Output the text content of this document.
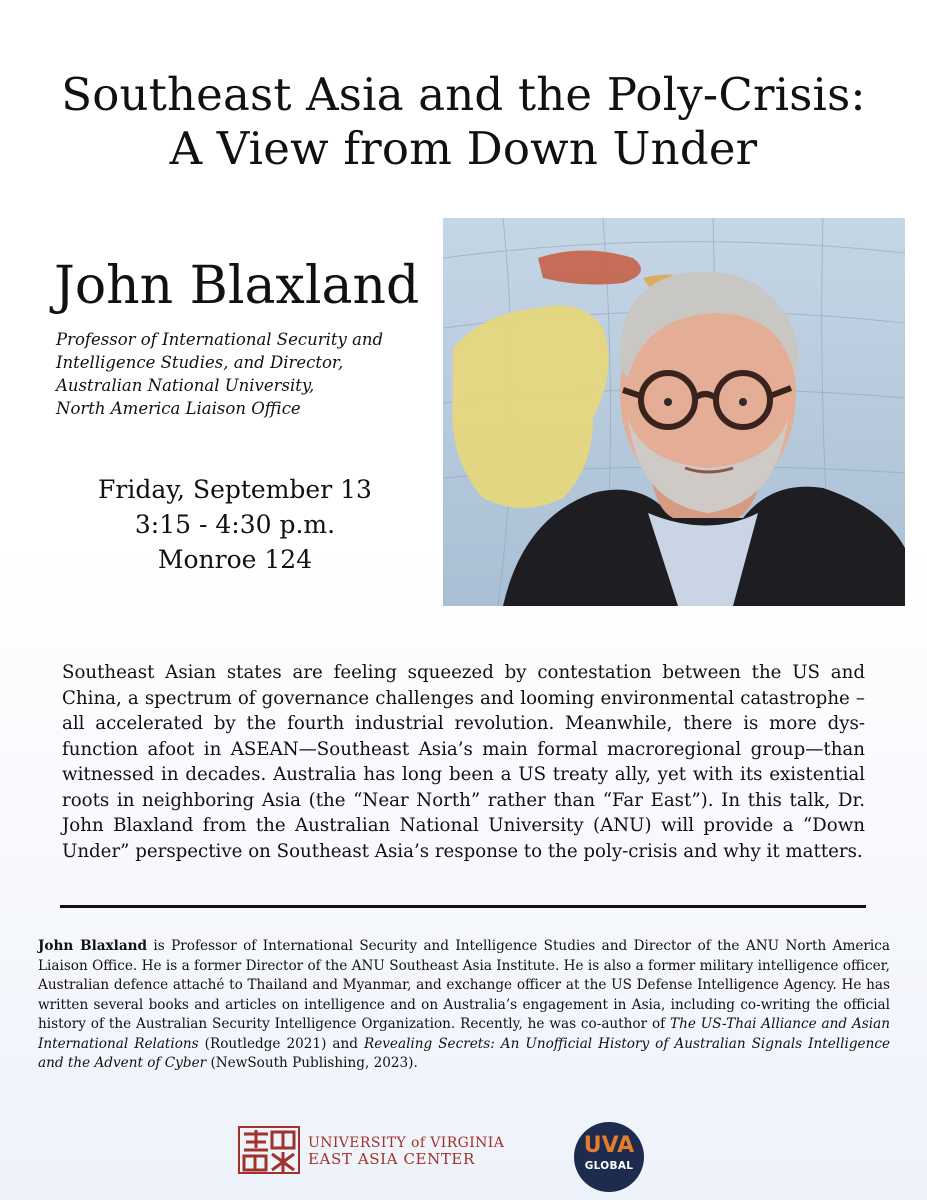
Southeast Asia and the Poly-Crisis:
A View from Down Under
John Blaxland
Professor of International Security and
Intelligence Studies, and Director,
Australian National University,
North America Liaison Office
Friday, September 13
3:15 - 4:30 p.m.
Monroe 124

Southeast Asian states are feeling squeezed by contestation between the US and China, a spectrum of governance challenges and looming environmental catastrophe – all accelerated by the fourth industrial revolution. Meanwhile, there is more dysfunction afoot in ASEAN—Southeast Asia’s main formal macroregional group—than witnessed in decades. Australia has long been a US treaty ally, yet with its existential roots in neighboring Asia (the “Near North” rather than “Far East”). In this talk, Dr. John Blaxland from the Australian National University (ANU) will provide a “Down Under” perspective on Southeast Asia’s response to the poly-crisis and why it matters.

John Blaxland is Professor of International Security and Intelligence Studies and Director of the ANU North America Liaison Office. He is a former Director of the ANU Southeast Asia Institute. He is also a former military intelligence officer, Australian defence attaché to Thailand and Myanmar, and exchange officer at the US Defense Intelligence Agency. He has written several books and articles on intelligence and on Australia’s engagement in Asia, including co-writing the official history of the Australian Security Intelligence Organization. Recently, he was co-author of The US-Thai Alliance and Asian International Relations (Routledge 2021) and Revealing Secrets: An Unofficial History of Australian Signals Intelligence and the Advent of Cyber (NewSouth Publishing, 2023).

UNIVERSITY of VIRGINIA
EAST ASIA CENTER
UVA
GLOBAL
